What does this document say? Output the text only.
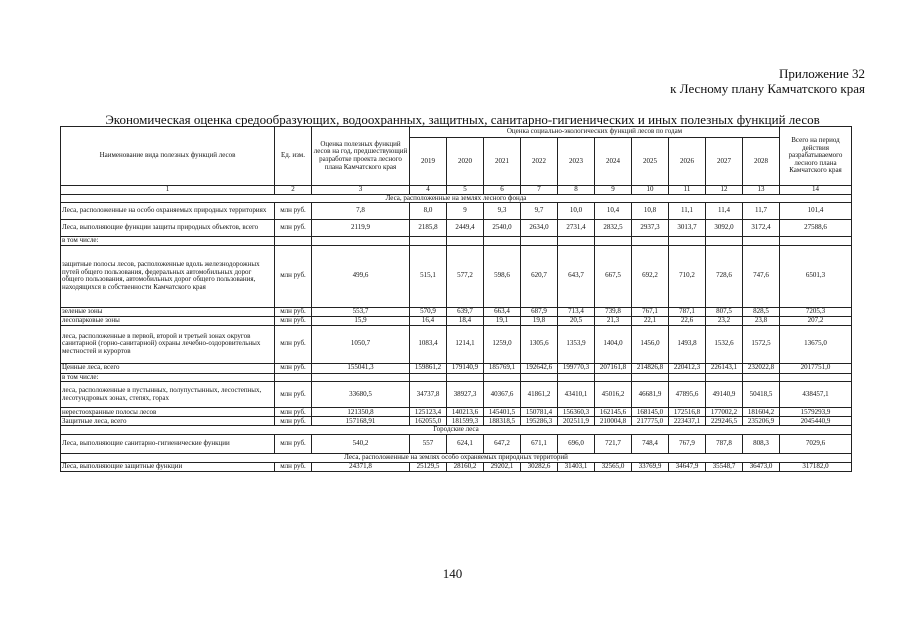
Приложение 32
к Лесному плану Камчатского края
Экономическая оценка средообразующих, водоохранных, защитных, санитарно-гигиенических и иных полезных функций лесов
Наименование вида полезных функций лесов	Ед. изм.	Оценка полезных функций лесов на год, предшествующий разработке проекта лесного плана Камчатского края	Оценка социально-экологических функций лесов по годам										Всего на период действия разрабатываемого лесного плана Камчатского края
			2019	2020	2021	2022	2023	2024	2025	2026	2027	2028	
1	2	3	4	5	6	7	8	9	10	11	12	13	14
Леса, расположенные на землях лесного фонда													
Леса, расположенные на особо охраняемых природных территориях	млн руб.	7,8	8,0	9	9,3	9,7	10,0	10,4	10,8	11,1	11,4	11,7	101,4
Леса, выполняющие функции защиты природных объектов, всего	млн руб.	2119,9	2185,8	2449,4	2540,0	2634,0	2731,4	2832,5	2937,3	3013,7	3092,0	3172,4	27588,6
в том числе:													
защитные полосы лесов, расположенные вдоль железнодорожных путей общего пользования, федеральных автомобильных дорог общего пользования, автомобильных дорог общего пользования, находящихся в собственности Камчатского края	млн руб.	499,6	515,1	577,2	598,6	620,7	643,7	667,5	692,2	710,2	728,6	747,6	6501,3
зеленые зоны	млн руб.	553,7	570,9	639,7	663,4	687,9	713,4	739,8	767,1	787,1	807,5	828,5	7205,3
лесопарковые зоны	млн руб.	15,9	16,4	18,4	19,1	19,8	20,5	21,3	22,1	22,6	23,2	23,8	207,2
леса, расположенные в первой, второй и третьей зонах округов санитарной (горно-санитарной) охраны лечебно-оздоровительных местностей и курортов	млн руб.	1050,7	1083,4	1214,1	1259,0	1305,6	1353,9	1404,0	1456,0	1493,8	1532,6	1572,5	13675,0
Ценные леса, всего	млн руб.	155041,3	159861,2	179140,9	185769,1	192642,6	199770,3	207161,8	214826,8	220412,3	226143,1	232022,8	2017751,0
в том числе:													
леса, расположенные в пустынных, полупустынных, лесостепных, лесотундровых зонах, степях, горах	млн руб.	33680,5	34737,8	38927,3	40367,6	41861,2	43410,1	45016,2	46681,9	47895,6	49140,9	50418,5	438457,1
нерестоохранные полосы лесов	млн руб.	121350,8	125123,4	140213,6	145401,5	150781,4	156360,3	162145,6	168145,0	172516,8	177002,2	181604,2	1579293,9
Защитные леса, всего	млн руб.	157168,91	162055,0	181599,3	188318,5	195286,3	202511,9	210004,8	217775,0	223437,1	229246,5	235206,9	2045440,9
Городские леса													
Леса, выполняющие санитарно-гигиенические функции	млн руб.	540,2	557	624,1	647,2	671,1	696,0	721,7	748,4	767,9	787,8	808,3	7029,6
Леса, расположенные на землях особо охраняемых природных территорий													
Леса, выполняющие защитные функции	млн руб.	24371,8	25129,5	28160,2	29202,1	30282,6	31403,1	32565,0	33769,9	34647,9	35548,7	36473,0	317182,0
140
